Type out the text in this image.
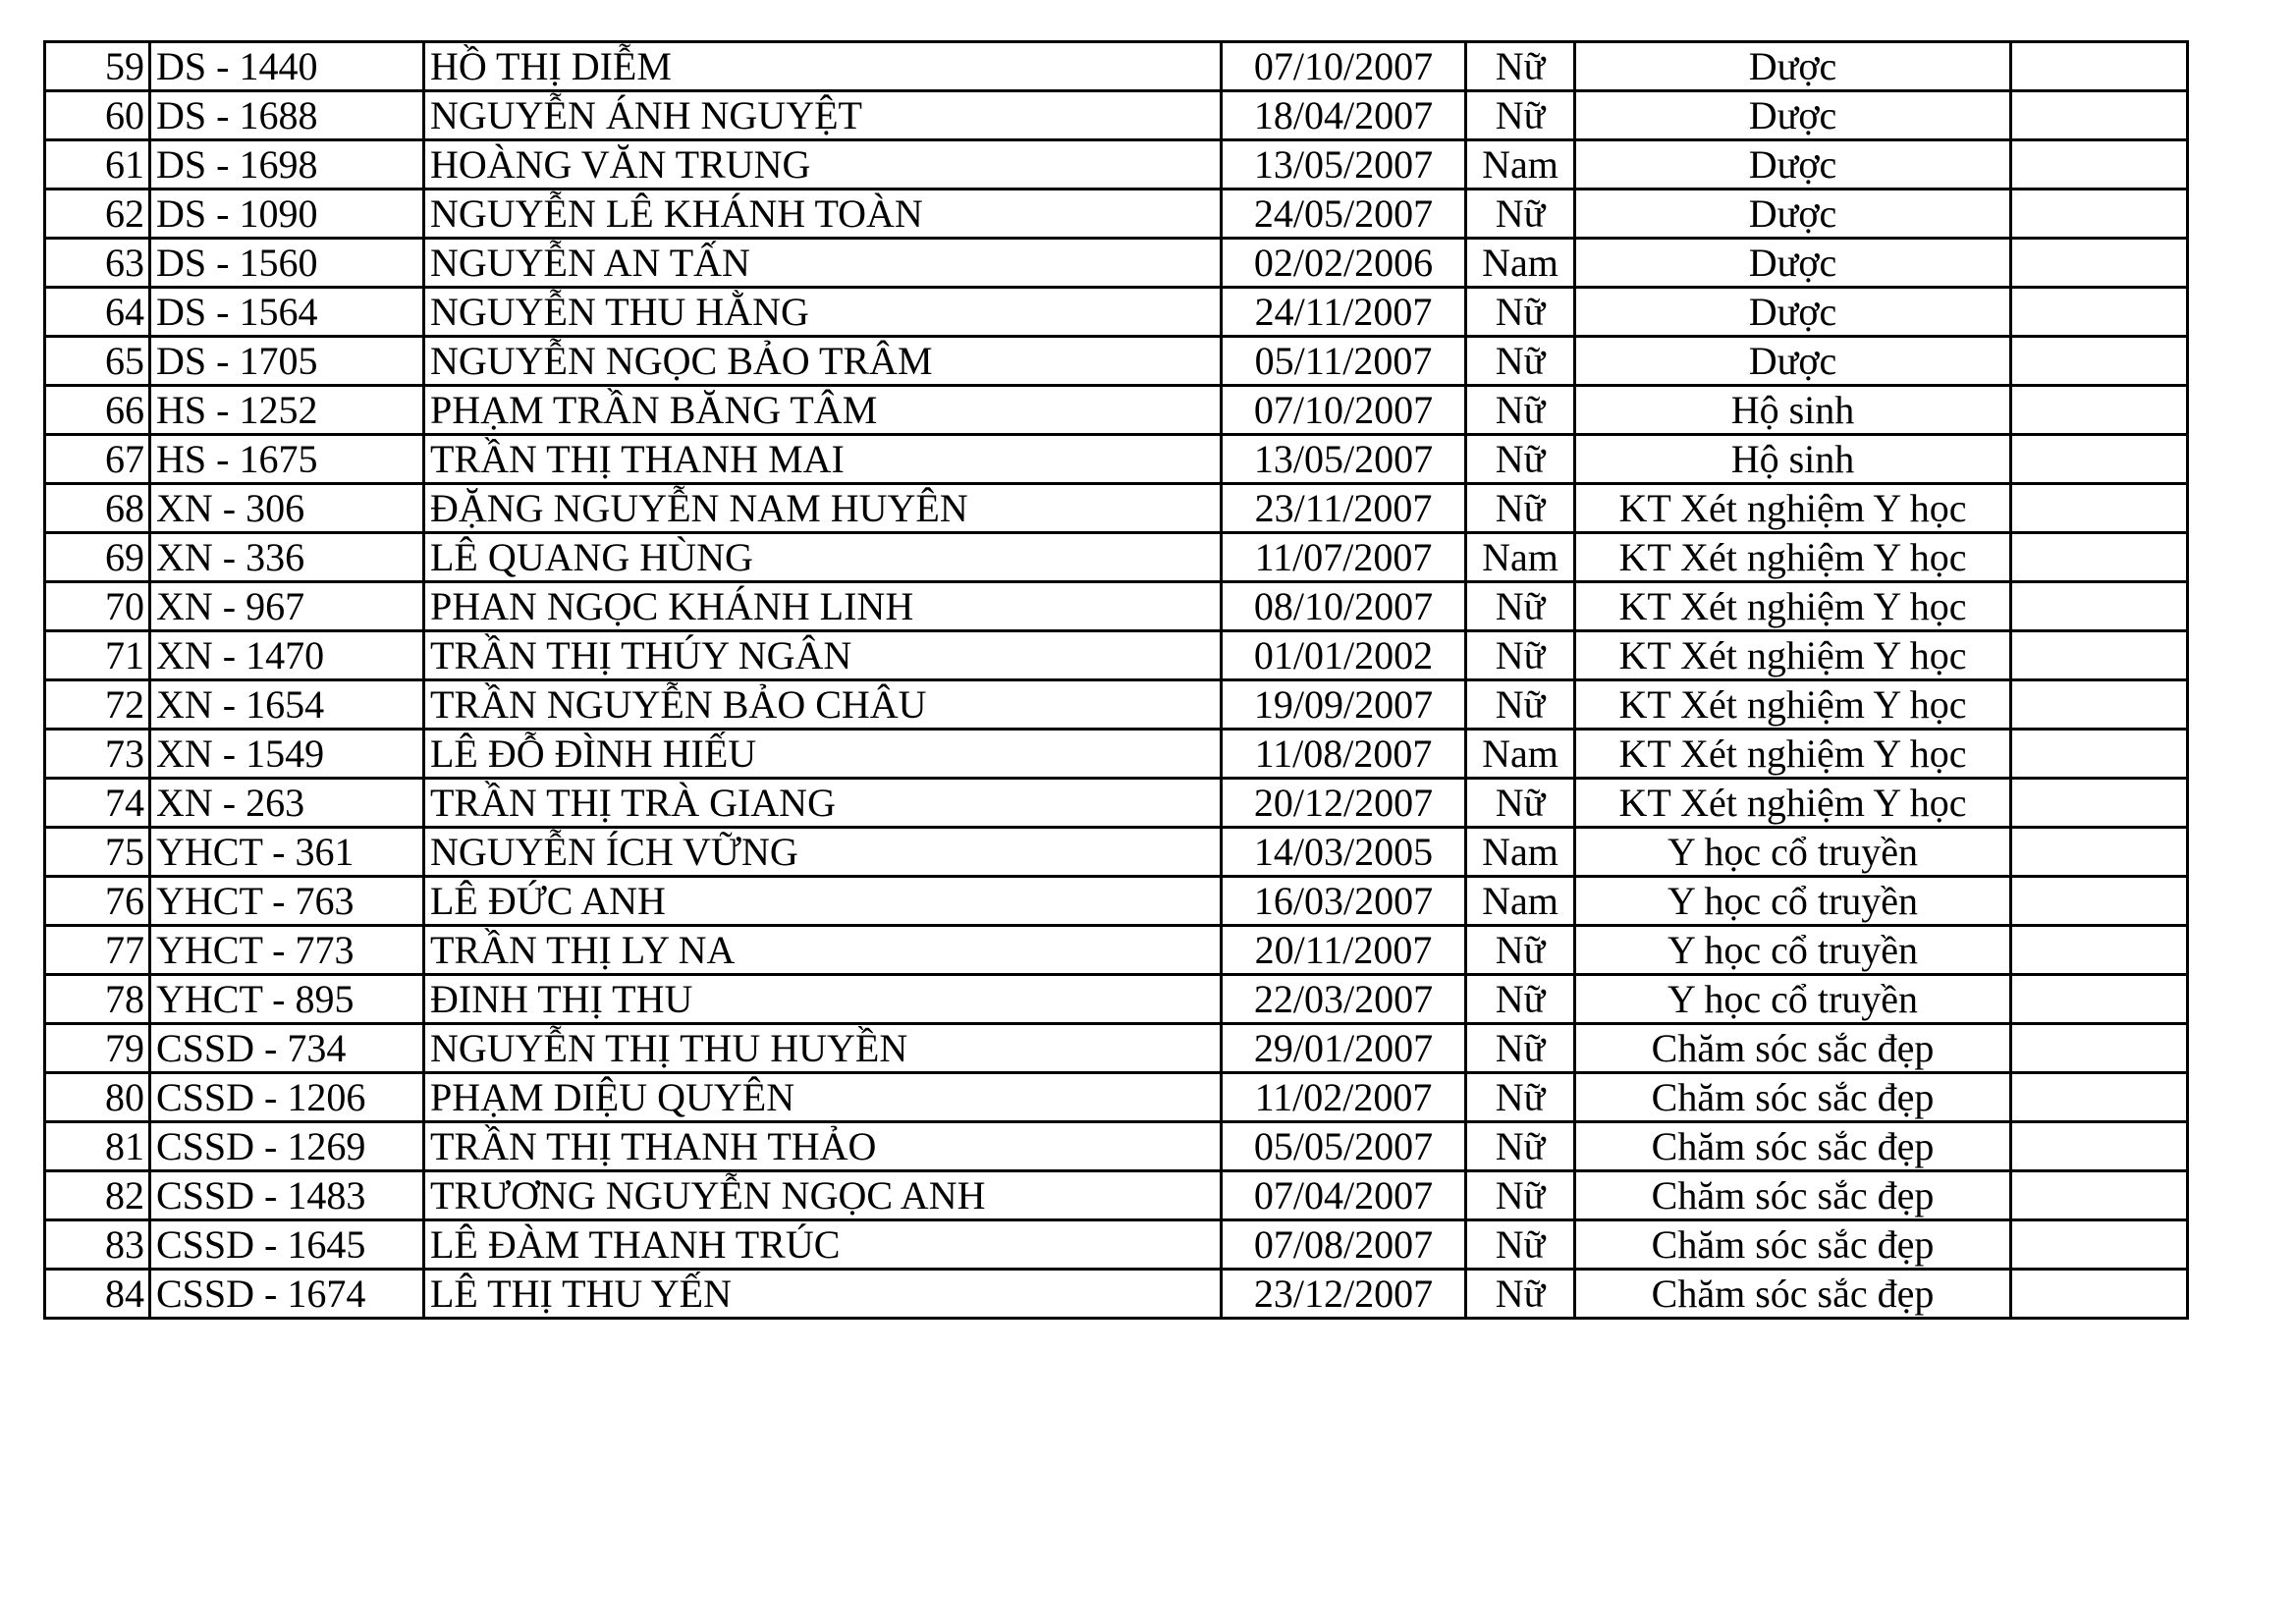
59	DS - 1440	HỒ THỊ DIỄM	07/10/2007	Nữ	Dược	
60	DS - 1688	NGUYỄN ÁNH NGUYỆT	18/04/2007	Nữ	Dược	
61	DS - 1698	HOÀNG VĂN TRUNG	13/05/2007	Nam	Dược	
62	DS - 1090	NGUYỄN LÊ KHÁNH TOÀN	24/05/2007	Nữ	Dược	
63	DS - 1560	NGUYỄN AN TẤN	02/02/2006	Nam	Dược	
64	DS - 1564	NGUYỄN THU HẰNG	24/11/2007	Nữ	Dược	
65	DS - 1705	NGUYỄN NGỌC BẢO TRÂM	05/11/2007	Nữ	Dược	
66	HS - 1252	PHẠM TRẦN BĂNG TÂM	07/10/2007	Nữ	Hộ sinh	
67	HS - 1675	TRẦN THỊ THANH MAI	13/05/2007	Nữ	Hộ sinh	
68	XN - 306	ĐẶNG NGUYỄN NAM HUYÊN	23/11/2007	Nữ	KT Xét nghiệm Y học	
69	XN - 336	LÊ QUANG HÙNG	11/07/2007	Nam	KT Xét nghiệm Y học	
70	XN - 967	PHAN NGỌC KHÁNH LINH	08/10/2007	Nữ	KT Xét nghiệm Y học	
71	XN - 1470	TRẦN THỊ THÚY NGÂN	01/01/2002	Nữ	KT Xét nghiệm Y học	
72	XN - 1654	TRẦN NGUYỄN BẢO CHÂU	19/09/2007	Nữ	KT Xét nghiệm Y học	
73	XN - 1549	LÊ ĐỖ ĐÌNH HIẾU	11/08/2007	Nam	KT Xét nghiệm Y học	
74	XN - 263	TRẦN THỊ TRÀ GIANG	20/12/2007	Nữ	KT Xét nghiệm Y học	
75	YHCT - 361	NGUYỄN ÍCH VỮNG	14/03/2005	Nam	Y học cổ truyền	
76	YHCT - 763	LÊ ĐỨC ANH	16/03/2007	Nam	Y học cổ truyền	
77	YHCT - 773	TRẦN THỊ LY NA	20/11/2007	Nữ	Y học cổ truyền	
78	YHCT - 895	ĐINH THỊ THU	22/03/2007	Nữ	Y học cổ truyền	
79	CSSD - 734	NGUYỄN THỊ THU HUYỀN	29/01/2007	Nữ	Chăm sóc sắc đẹp	
80	CSSD - 1206	PHẠM DIỆU QUYÊN	11/02/2007	Nữ	Chăm sóc sắc đẹp	
81	CSSD - 1269	TRẦN THỊ THANH THẢO	05/05/2007	Nữ	Chăm sóc sắc đẹp	
82	CSSD - 1483	TRƯƠNG NGUYỄN NGỌC ANH	07/04/2007	Nữ	Chăm sóc sắc đẹp	
83	CSSD - 1645	LÊ ĐÀM THANH TRÚC	07/08/2007	Nữ	Chăm sóc sắc đẹp	
84	CSSD - 1674	LÊ THỊ THU YẾN	23/12/2007	Nữ	Chăm sóc sắc đẹp	
